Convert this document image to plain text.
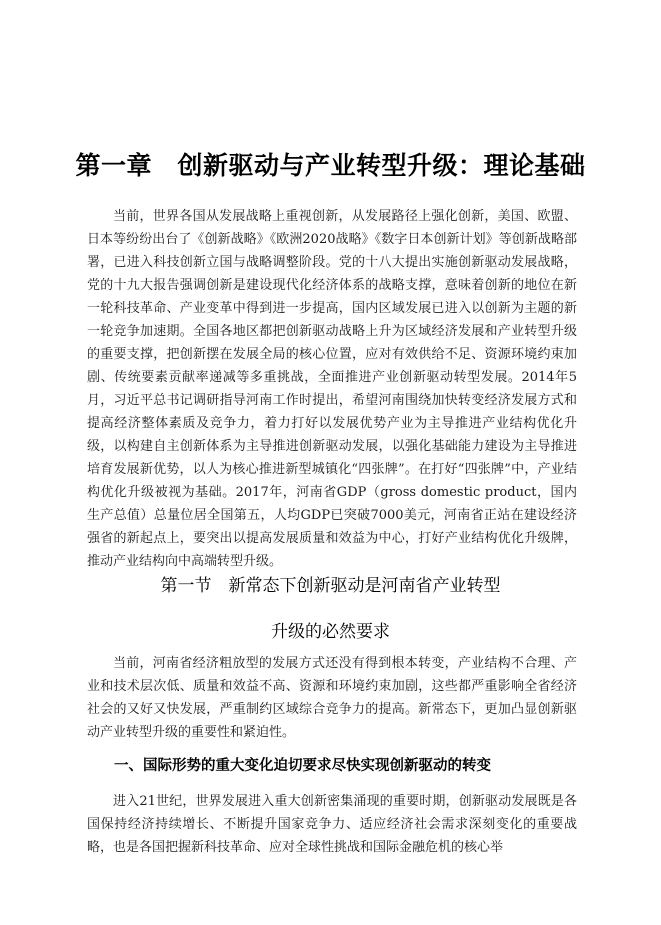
第一章　创新驱动与产业转型升级：理论基础

当前，世界各国从发展战略上重视创新，从发展路径上强化创新，美国、欧盟、日本等纷纷出台了《创新战略》《欧洲2020战略》《数字日本创新计划》等创新战略部署，已进入科技创新立国与战略调整阶段。党的十八大提出实施创新驱动发展战略，党的十九大报告强调创新是建设现代化经济体系的战略支撑，意味着创新的地位在新一轮科技革命、产业变革中得到进一步提高，国内区域发展已进入以创新为主题的新一轮竞争加速期。全国各地区都把创新驱动战略上升为区域经济发展和产业转型升级的重要支撑，把创新摆在发展全局的核心位置，应对有效供给不足、资源环境约束加剧、传统要素贡献率递减等多重挑战，全面推进产业创新驱动转型发展。2014年5月，习近平总书记调研指导河南工作时提出，希望河南围绕加快转变经济发展方式和提高经济整体素质及竞争力，着力打好以发展优势产业为主导推进产业结构优化升级，以构建自主创新体系为主导推进创新驱动发展，以强化基础能力建设为主导推进培育发展新优势，以人为核心推进新型城镇化“四张牌”。在打好“四张牌”中，产业结构优化升级被视为基础。2017年，河南省GDP（gross domestic product，国内生产总值）总量位居全国第五，人均GDP已突破7000美元，河南省正站在建设经济强省的新起点上，要突出以提高发展质量和效益为中心，打好产业结构优化升级牌，推动产业结构向中高端转型升级。

第一节　新常态下创新驱动是河南省产业转型
升级的必然要求

当前，河南省经济粗放型的发展方式还没有得到根本转变，产业结构不合理、产业和技术层次低、质量和效益不高、资源和环境约束加剧，这些都严重影响全省经济社会的又好又快发展，严重制约区域综合竞争力的提高。新常态下，更加凸显创新驱动产业转型升级的重要性和紧迫性。

一、国际形势的重大变化迫切要求尽快实现创新驱动的转变

进入21世纪，世界发展进入重大创新密集涌现的重要时期，创新驱动发展既是各国保持经济持续增长、不断提升国家竞争力、适应经济社会需求深刻变化的重要战略，也是各国把握新科技革命、应对全球性挑战和国际金融危机的核心举
